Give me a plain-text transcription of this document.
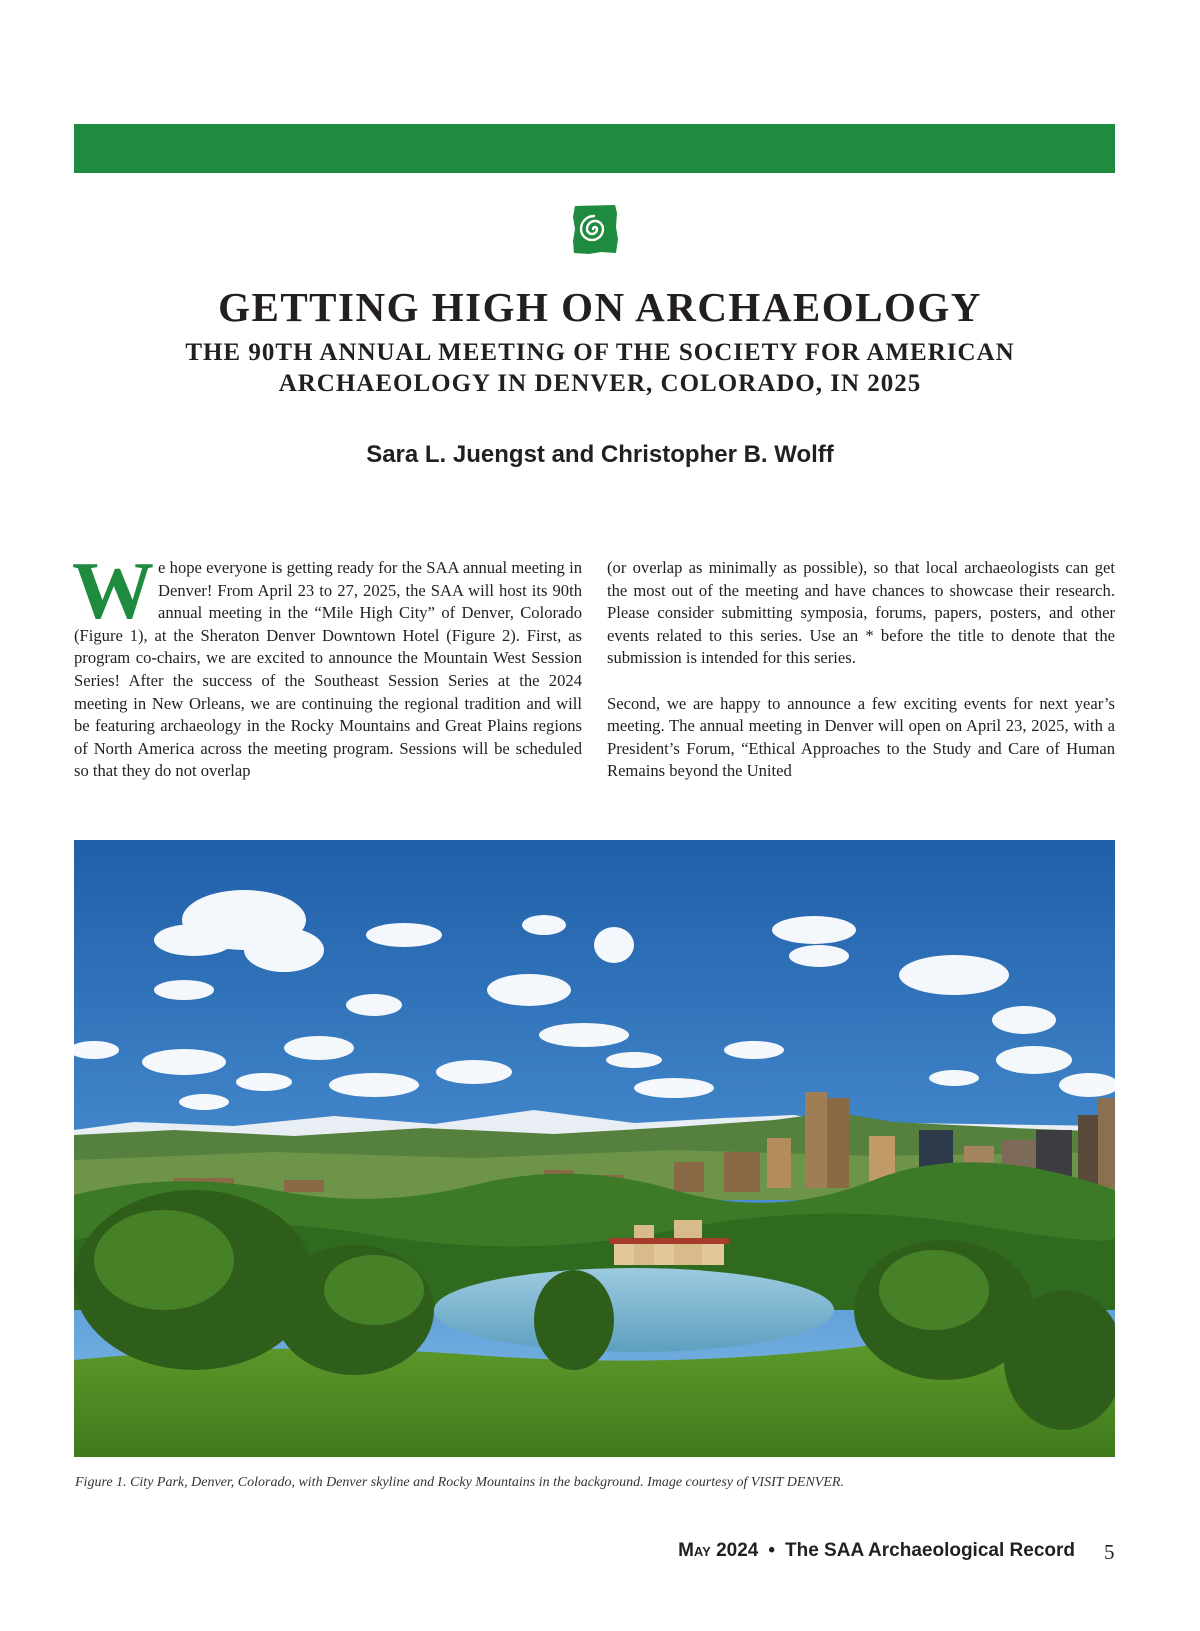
GETTING HIGH ON ARCHAEOLOGY
THE 90TH ANNUAL MEETING OF THE SOCIETY FOR AMERICAN
ARCHAEOLOGY IN DENVER, COLORADO, IN 2025

Sara L. Juengst and Christopher B. Wolff

We hope everyone is getting ready for the SAA annual meeting in Denver! From April 23 to 27, 2025, the SAA will host its 90th annual meeting in the “Mile High City” of Denver, Colorado (Figure 1), at the Sheraton Denver Downtown Hotel (Figure 2). First, as program co-chairs, we are excited to announce the Mountain West Session Series! After the success of the Southeast Session Series at the 2024 meeting in New Orleans, we are continuing the regional tradition and will be featuring archaeology in the Rocky Mountains and Great Plains regions of North America across the meeting program. Sessions will be scheduled so that they do not overlap

(or overlap as minimally as possible), so that local archaeologists can get the most out of the meeting and have chances to showcase their research. Please consider submitting symposia, forums, papers, posters, and other events related to this series. Use an * before the title to denote that the submission is intended for this series.

Second, we are happy to announce a few exciting events for next year’s meeting. The annual meeting in Denver will open on April 23, 2025, with a President’s Forum, “Ethical Approaches to the Study and Care of Human Remains beyond the United

Figure 1. City Park, Denver, Colorado, with Denver skyline and Rocky Mountains in the background. Image courtesy of VISIT DENVER.

May 2024 • The SAA Archaeological Record 5
